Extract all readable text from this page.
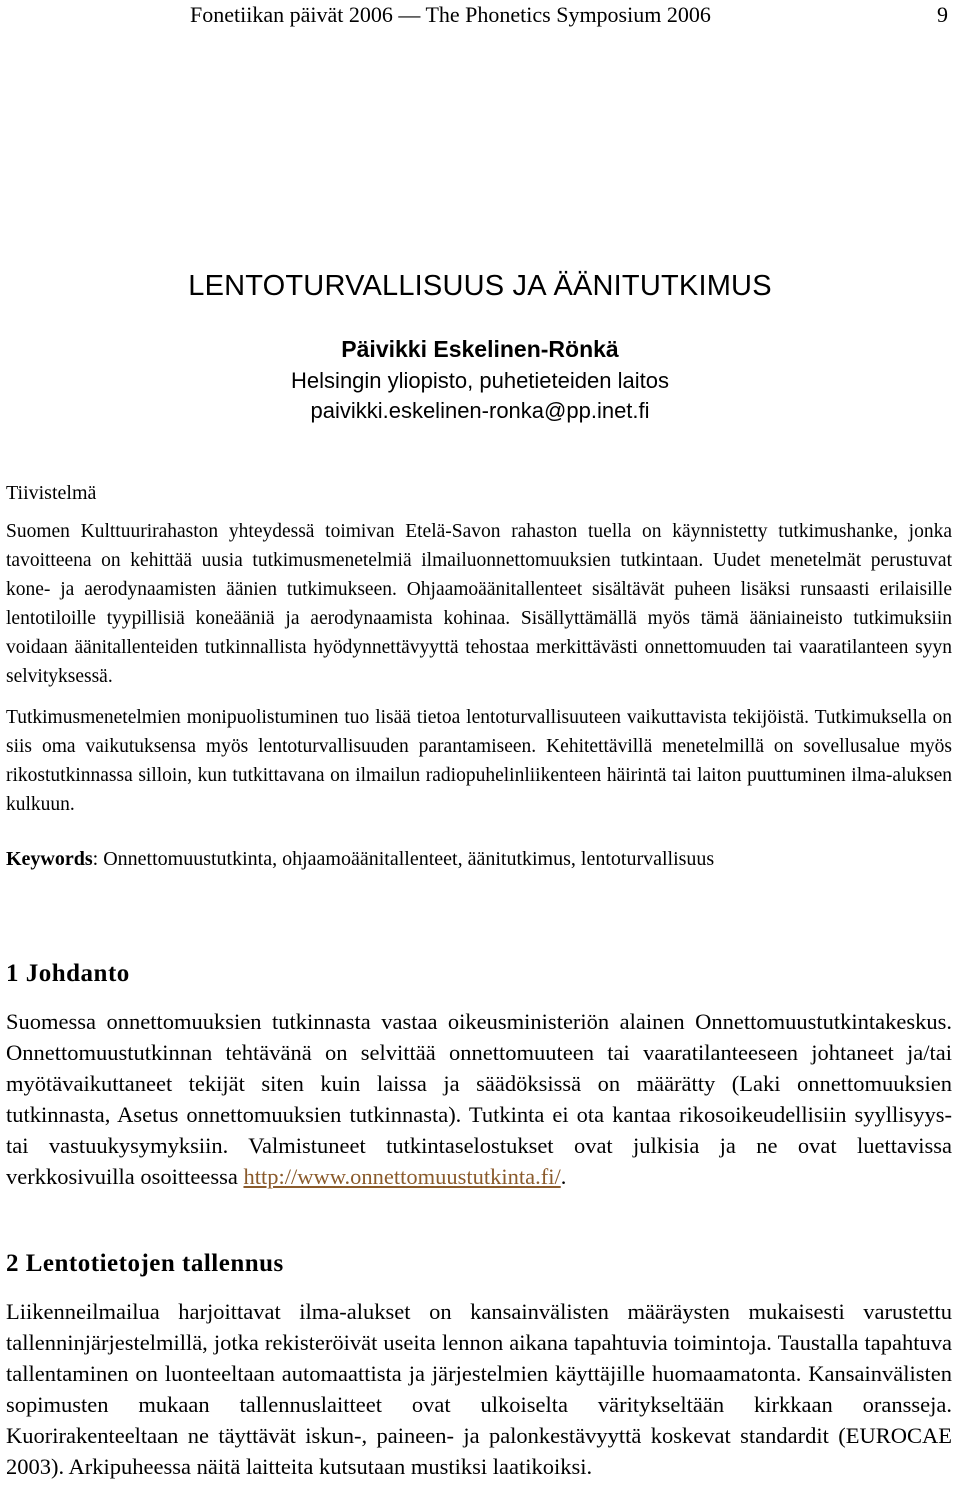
Fonetiikan päivät 2006 — The Phonetics Symposium 2006	9
LENTOTURVALLISUUS JA ÄÄNITUTKIMUS
Päivikki Eskelinen-Rönkä
Helsingin yliopisto, puhetieteiden laitos
paivikki.eskelinen-ronka@pp.inet.fi
Tiivistelmä

Suomen Kulttuurirahaston yhteydessä toimivan Etelä-Savon rahaston tuella on käynnistetty tutkimushanke, jonka tavoitteena on kehittää uusia tutkimusmenetelmiä ilmailuonnettomuuksien tutkintaan. Uudet menetelmät perustuvat kone- ja aerodynaamisten äänien tutkimukseen. Ohjaamoäänitallenteet sisältävät puheen lisäksi runsaasti erilaisille lentotiloille tyypillisiä koneääniä ja aerodynaamista kohinaa. Sisällyttämällä myös tämä ääniaineisto tutkimuksiin voidaan äänitallenteiden tutkinnallista hyödynnettävyyttä tehostaa merkittävästi onnettomuuden tai vaaratilanteen syyn selvityksessä.

Tutkimusmenetelmien monipuolistuminen tuo lisää tietoa lentoturvallisuuteen vaikuttavista tekijöistä. Tutkimuksella on siis oma vaikutuksensa myös lentoturvallisuuden parantamiseen. Kehitettävillä menetelmillä on sovellusalue myös rikostutkinnassa silloin, kun tutkittavana on ilmailun radiopuhelinliikenteen häirintä tai laiton puuttuminen ilma-aluksen kulkuun.

Keywords: Onnettomuustutkinta, ohjaamoäänitallenteet, äänitutkimus, lentoturvallisuus
1 Johdanto
Suomessa onnettomuuksien tutkinnasta vastaa oikeusministeriön alainen Onnettomuustutkintakeskus. Onnettomuustutkinnan tehtävänä on selvittää onnettomuuteen tai vaaratilanteeseen johtaneet ja/tai myötävaikuttaneet tekijät siten kuin laissa ja säädöksissä on määrätty (Laki onnettomuuksien tutkinnasta, Asetus onnettomuuksien tutkinnasta). Tutkinta ei ota kantaa rikosoikeudellisiin syyllisyys- tai vastuukysymyksiin. Valmistuneet tutkintaselostukset ovat julkisia ja ne ovat luettavissa verkkosivuilla osoitteessa http://www.onnettomuustutkinta.fi/.
2 Lentotietojen tallennus
Liikenneilmailua harjoittavat ilma-alukset on kansainvälisten määräysten mukaisesti varustettu tallenninjärjestelmillä, jotka rekisteröivät useita lennon aikana tapahtuvia toimintoja. Taustalla tapahtuva tallentaminen on luonteeltaan automaattista ja järjestelmien käyttäjille huomaamatonta. Kansainvälisten sopimusten mukaan tallennuslaitteet ovat ulkoiselta väritykseltään kirkkaan oransseja. Kuorirakenteeltaan ne täyttävät iskun-, paineen- ja palonkestävyyttä koskevat standardit (EUROCAE 2003). Arkipuheessa näitä laitteita kutsutaan mustiksi laatikoiksi.
